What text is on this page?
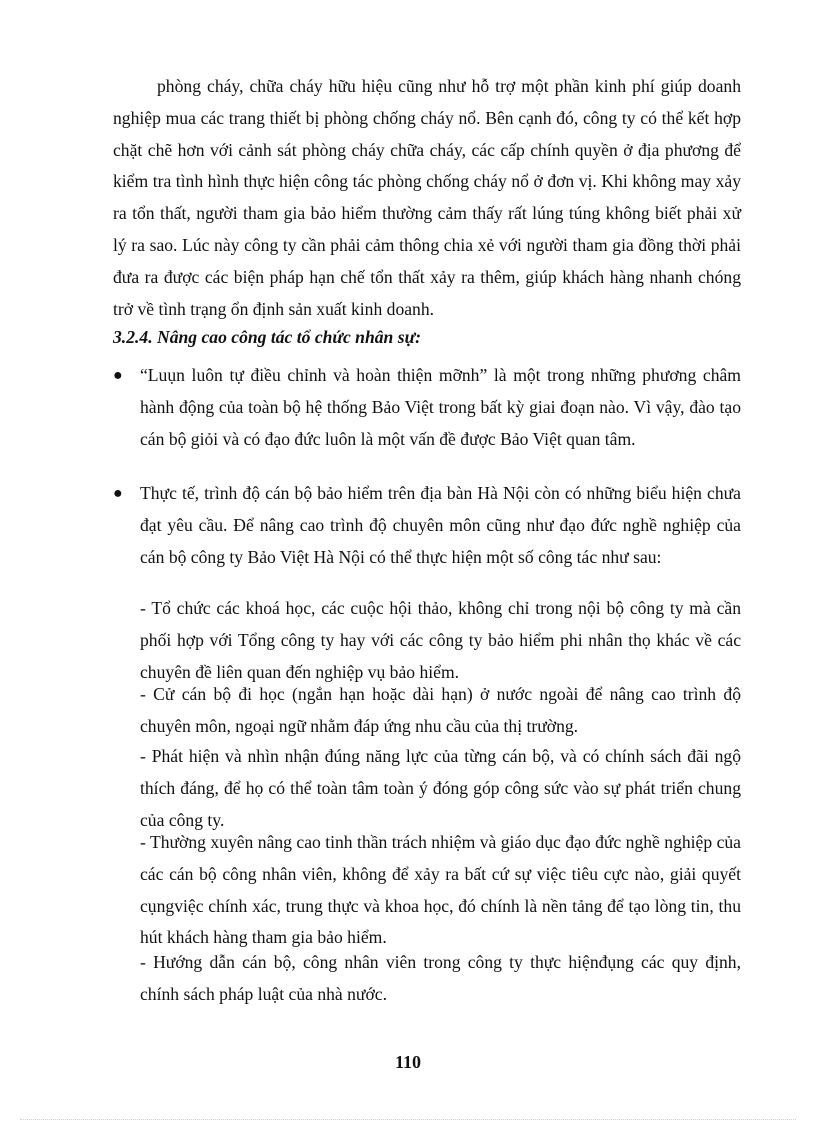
phòng cháy, chữa cháy hữu hiệu cũng như hỗ trợ một phần kinh phí giúp doanh nghiệp mua các trang thiết bị phòng chống cháy nổ. Bên cạnh đó, công ty có thể kết hợp chặt chẽ hơn với cảnh sát phòng cháy chữa cháy, các cấp chính quyền ở địa phương để kiểm tra tình hình thực hiện công tác phòng chống cháy nổ ở đơn vị. Khi không may xảy ra tổn thất, người tham gia bảo hiểm thường cảm thấy rất lúng túng không biết phải xử lý ra sao. Lúc này công ty cần phải cảm thông chia xẻ với người tham gia đồng thời phải đưa ra được các biện pháp hạn chế tổn thất xảy ra thêm, giúp khách hàng nhanh chóng trở về tình trạng ổn định sản xuất kinh doanh.
3.2.4. Nâng cao công tác tổ chức nhân sự:
● “Luụn luôn tự điều chỉnh và hoàn thiện mỡnh” là một trong những phương châm hành động của toàn bộ hệ thống Bảo Việt trong bất kỳ giai đoạn nào. Vì vậy, đào tạo cán bộ giỏi và có đạo đức luôn là một vấn đề được Bảo Việt quan tâm.
● Thực tế, trình độ cán bộ bảo hiểm trên địa bàn Hà Nội còn có những biểu hiện chưa đạt yêu cầu. Để nâng cao trình độ chuyên môn cũng như đạo đức nghề nghiệp của cán bộ công ty Bảo Việt Hà Nội có thể thực hiện một số công tác như sau:
- Tổ chức các khoá học, các cuộc hội thảo, không chỉ trong nội bộ công ty mà cần phối hợp với Tổng công ty hay với các công ty bảo hiểm phi nhân thọ khác về các chuyên đề liên quan đến nghiệp vụ bảo hiểm.
- Cử cán bộ đi học (ngắn hạn hoặc dài hạn) ở nước ngoài để nâng cao trình độ chuyên môn, ngoại ngữ nhằm đáp ứng nhu cầu của thị trường.
- Phát hiện và nhìn nhận đúng năng lực của từng cán bộ, và có chính sách đãi ngộ thích đáng, để họ có thể toàn tâm toàn ý đóng góp công sức vào sự phát triển chung của công ty.
- Thường xuyên nâng cao tinh thần trách nhiệm và giáo dục đạo đức nghề nghiệp của các cán bộ công nhân viên, không để xảy ra bất cứ sự việc tiêu cực nào, giải quyết cụngviệc chính xác, trung thực và khoa học, đó chính là nền tảng để tạo lòng tin, thu hút khách hàng tham gia bảo hiểm.
- Hướng dẫn cán bộ, công nhân viên trong công ty thực hiệnđụng các quy định, chính sách pháp luật của nhà nước.
110
